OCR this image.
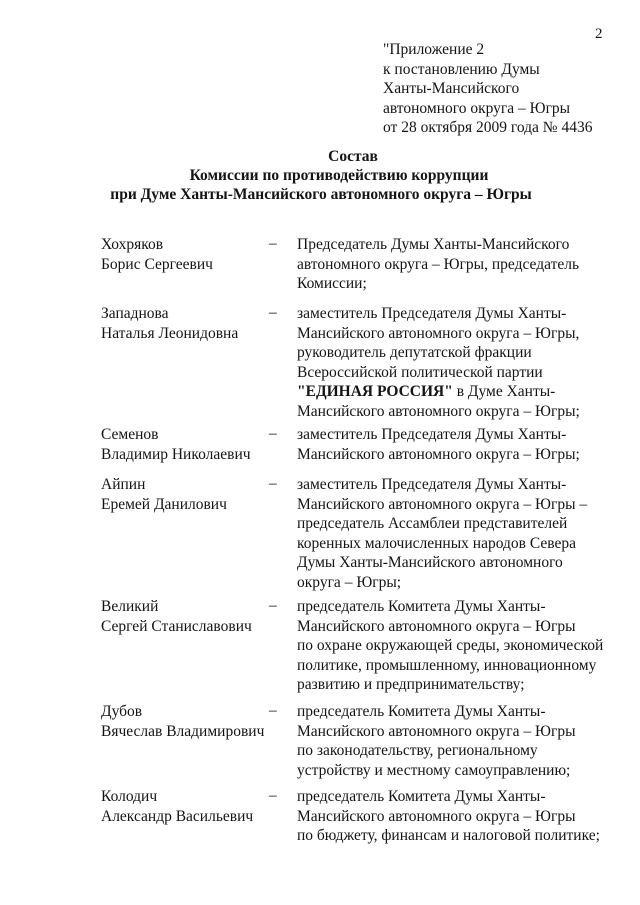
2
"Приложение 2
к постановлению Думы
Ханты-Мансийского
автономного округа – Югры
от 28 октября 2009 года № 4436
Состав
Комиссии по противодействию коррупции
при Думе Ханты-Мансийского автономного округа – Югры
Хохряков
Борис Сергеевич
– Председатель Думы Ханты-Мансийского
автономного округа – Югры, председатель
Комиссии;
Западнова
Наталья Леонидовна
– заместитель Председателя Думы Ханты-
Мансийского автономного округа – Югры,
руководитель депутатской фракции
Всероссийской политической партии
"ЕДИНАЯ РОССИЯ" в Думе Ханты-
Мансийского автономного округа – Югры;
Семенов
Владимир Николаевич
– заместитель Председателя Думы Ханты-
Мансийского автономного округа – Югры;
Айпин
Еремей Данилович
– заместитель Председателя Думы Ханты-
Мансийского автономного округа – Югры –
председатель Ассамблеи представителей
коренных малочисленных народов Севера
Думы Ханты-Мансийского автономного
округа – Югры;
Великий
Сергей Станиславович
– председатель Комитета Думы Ханты-
Мансийского автономного округа – Югры
по охране окружающей среды, экономической
политике, промышленному, инновационному
развитию и предпринимательству;
Дубов
Вячеслав Владимирович
– председатель Комитета Думы Ханты-
Мансийского автономного округа – Югры
по законодательству, региональному
устройству и местному самоуправлению;
Колодич
Александр Васильевич
– председатель Комитета Думы Ханты-
Мансийского автономного округа – Югры
по бюджету, финансам и налоговой политике;
